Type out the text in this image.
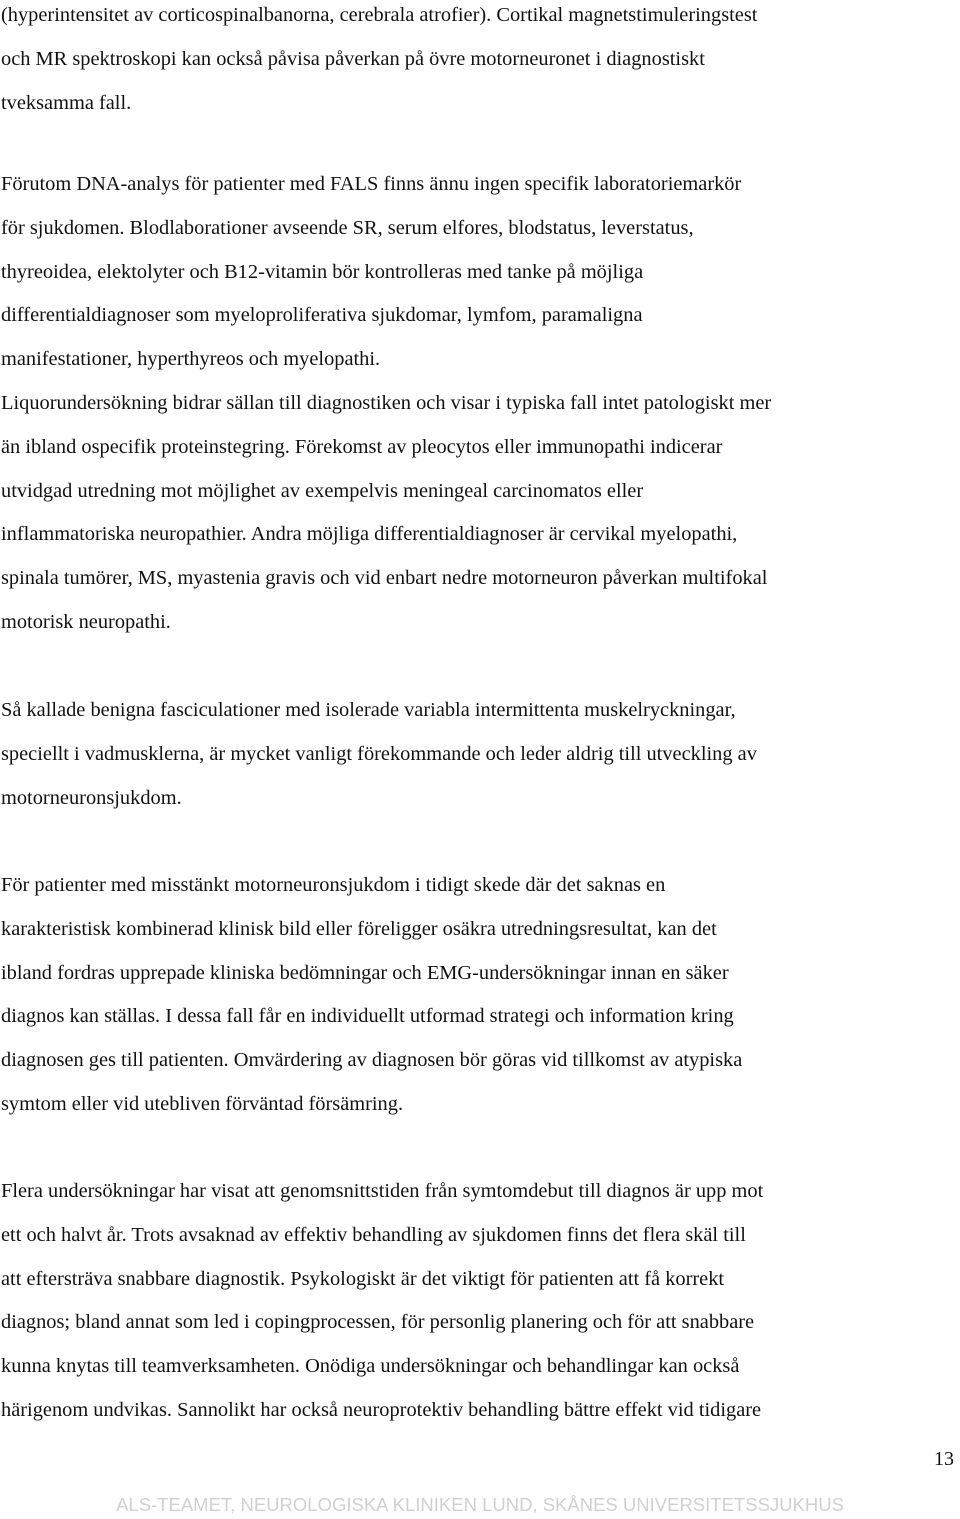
(hyperintensitet av corticospinalbanorna, cerebrala atrofier). Cortikal magnetstimuleringstest
och MR spektroskopi kan också påvisa påverkan på övre motorneuronet i diagnostiskt
tveksamma fall.
Förutom DNA-analys för patienter med FALS finns ännu ingen specifik laboratoriemarkör
för sjukdomen. Blodlaborationer avseende SR, serum elfores, blodstatus, leverstatus,
thyreoidea, elektolyter och B12-vitamin bör kontrolleras med tanke på möjliga
differentialdiagnoser som myeloproliferativa sjukdomar, lymfom, paramaligna
manifestationer, hyperthyreos och myelopathi.
Liquorundersökning bidrar sällan till diagnostiken och visar i typiska fall intet patologiskt mer
än ibland ospecifik proteinstegring. Förekomst av pleocytos eller immunopathi indicerar
utvidgad utredning mot möjlighet av exempelvis meningeal carcinomatos eller
inflammatoriska neuropathier. Andra möjliga differentialdiagnoser är cervikal myelopathi,
spinala tumörer, MS, myastenia gravis och vid enbart nedre motorneuron påverkan multifokal
motorisk neuropathi.
Så kallade benigna fasciculationer med isolerade variabla intermittenta muskelryckningar,
speciellt i vadmusklerna, är mycket vanligt förekommande och leder aldrig till utveckling av
motorneuronsjukdom.
För patienter med misstänkt motorneuronsjukdom i tidigt skede där det saknas en
karakteristisk kombinerad klinisk bild eller föreligger osäkra utredningsresultat, kan det
ibland fordras upprepade kliniska bedömningar och EMG-undersökningar innan en säker
diagnos kan ställas. I dessa fall får en individuellt utformad strategi och information kring
diagnosen ges till patienten. Omvärdering av diagnosen bör göras vid tillkomst av atypiska
symtom eller vid utebliven förväntad försämring.
Flera undersökningar har visat att genomsnittstiden från symtomdebut till diagnos är upp mot
ett och halvt år. Trots avsaknad av effektiv behandling av sjukdomen finns det flera skäl till
att eftersträva snabbare diagnostik. Psykologiskt är det viktigt för patienten att få korrekt
diagnos; bland annat som led i copingprocessen, för personlig planering och för att snabbare
kunna knytas till teamverksamheten. Onödiga undersökningar och behandlingar kan också
härigenom undvikas. Sannolikt har också neuroprotektiv behandling bättre effekt vid tidigare
13
ALS-TEAMET, NEUROLOGISKA KLINIKEN LUND, SKÅNES UNIVERSITETSSJUKHUS
